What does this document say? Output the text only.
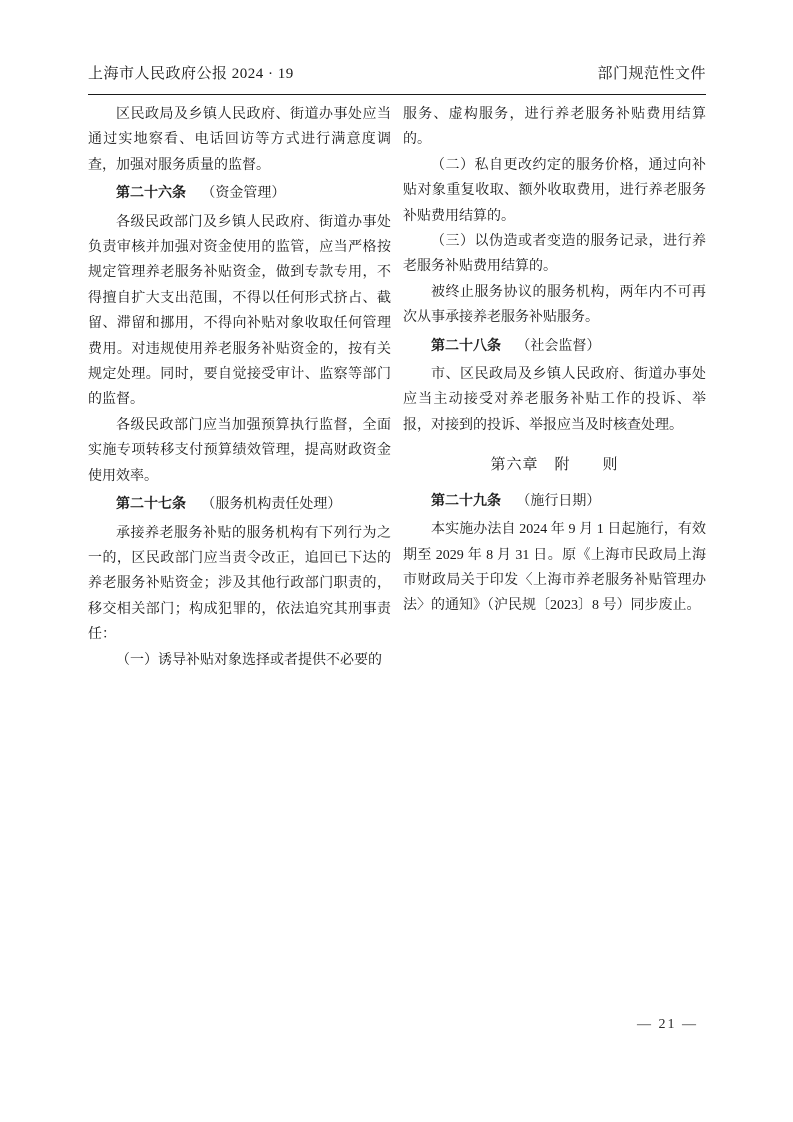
上海市人民政府公报 2024 · 19	部门规范性文件

区民政局及乡镇人民政府、街道办事处应当通过实地察看、电话回访等方式进行满意度调查，加强对服务质量的监督。

第二十六条 （资金管理）

各级民政部门及乡镇人民政府、街道办事处负责审核并加强对资金使用的监管，应当严格按规定管理养老服务补贴资金，做到专款专用，不得擅自扩大支出范围，不得以任何形式挤占、截留、滞留和挪用，不得向补贴对象收取任何管理费用。对违规使用养老服务补贴资金的，按有关规定处理。同时，要自觉接受审计、监察等部门的监督。

各级民政部门应当加强预算执行监督，全面实施专项转移支付预算绩效管理，提高财政资金使用效率。

第二十七条 （服务机构责任处理）

承接养老服务补贴的服务机构有下列行为之一的，区民政部门应当责令改正，追回已下达的养老服务补贴资金；涉及其他行政部门职责的，移交相关部门；构成犯罪的，依法追究其刑事责任：

（一）诱导补贴对象选择或者提供不必要的

服务、虚构服务，进行养老服务补贴费用结算的。

（二）私自更改约定的服务价格，通过向补贴对象重复收取、额外收取费用，进行养老服务补贴费用结算的。

（三）以伪造或者变造的服务记录，进行养老服务补贴费用结算的。

被终止服务协议的服务机构，两年内不可再次从事承接养老服务补贴服务。

第二十八条 （社会监督）

市、区民政局及乡镇人民政府、街道办事处应当主动接受对养老服务补贴工作的投诉、举报，对接到的投诉、举报应当及时核查处理。

第六章　附　　则

第二十九条 （施行日期）

本实施办法自 2024 年 9 月 1 日起施行，有效期至 2029 年 8 月 31 日。原《上海市民政局上海市财政局关于印发〈上海市养老服务补贴管理办法〉的通知》（沪民规〔2023〕8 号）同步废止。

— 21 —
